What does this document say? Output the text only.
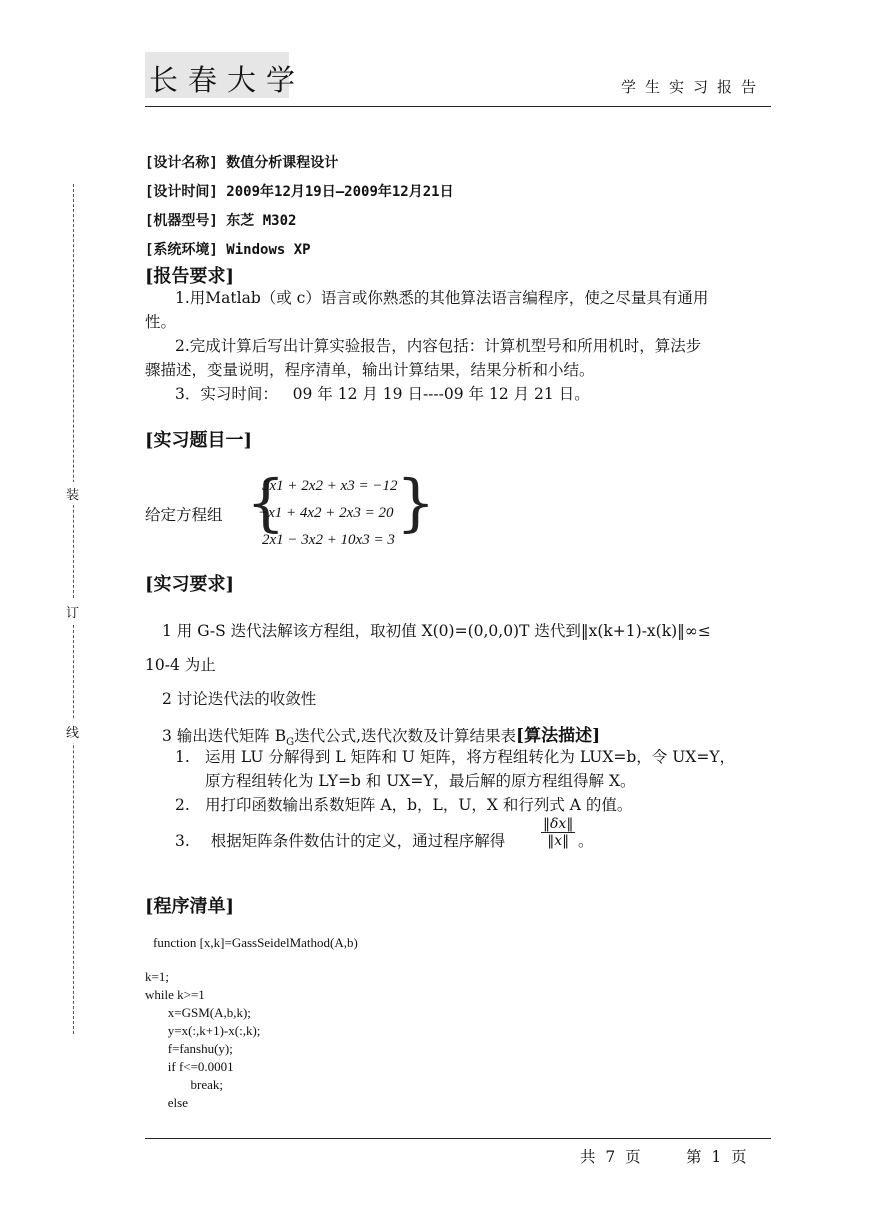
长春大学	学生实习报告
装
订
线
[设计名称] 数值分析课程设计
[设计时间] 2009年12月19日—2009年12月21日
[机器型号] 东芝 M302
[系统环境] Windows XP
[报告要求]
1.用Matlab（或 c）语言或你熟悉的其他算法语言编程序，使之尽量具有通用
性。
2.完成计算后写出计算实验报告，内容包括：计算机型号和所用机时，算法步
骤描述，变量说明，程序清单，输出计算结果，结果分析和小结。
3．实习时间：   09 年 12 月 19 日----09 年 12 月 21 日。
[实习题目一]
给定方程组 {
5x1 + 2x2 + x3 = −12
−x1 + 4x2 + 2x3 = 20
2x1 − 3x2 + 10x3 = 3
}
[实习要求]
1 用 G-S 迭代法解该方程组，取初值 X(0)=(0,0,0)T 迭代到‖x(k+1)-x(k)‖∞≤
10-4 为止
2 讨论迭代法的收敛性
3 输出迭代矩阵 $B_G$迭代公式,迭代次数及计算结果表[算法描述]
1. 运用 LU 分解得到 L 矩阵和 U 矩阵，将方程组转化为 LUX=b，令 UX=Y，
原方程组转化为 LY=b 和 UX=Y，最后解的原方程组得解 X。
2. 用打印函数输出系数矩阵 A，b，L，U，X 和行列式 A 的值。
3. 根据矩阵条件数估计的定义，通过程序解得	$\frac{‖\delta x‖}{‖x‖}$ 。
[程序清单]
function [x,k]=GassSeidelMathod(A,b)
k=1;
while k>=1
x=GSM(A,b,k);
y=x(:,k+1)-x(:,k);
f=fanshu(y);
if f<=0.0001
break;
else
共  7  页	第  1  页
